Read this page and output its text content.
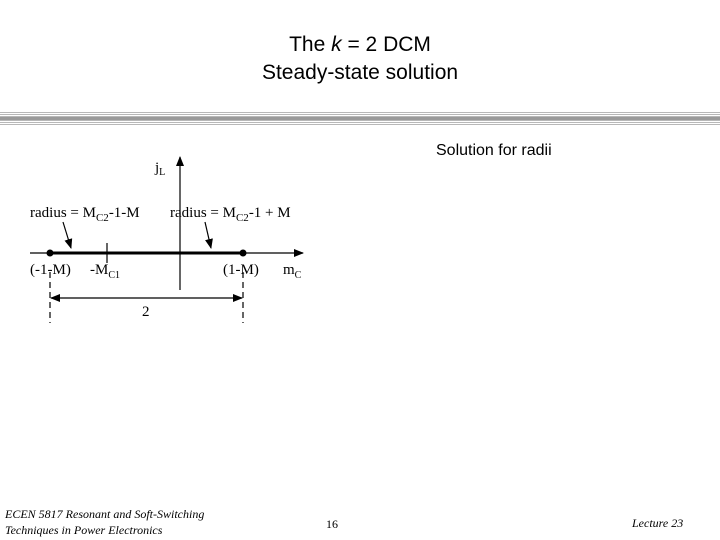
The k = 2 DCM
Steady-state solution
Solution for radii
$j_L$
radius = $M_{C2}-1-M$ radius = $M_{C2}-1 + M$
(-1-M) $-M_{C1}$	(1-M) $m_C$
2
ECEN 5817 Resonant and Soft-Switching
Techniques in Power Electronics	16	Lecture 23
